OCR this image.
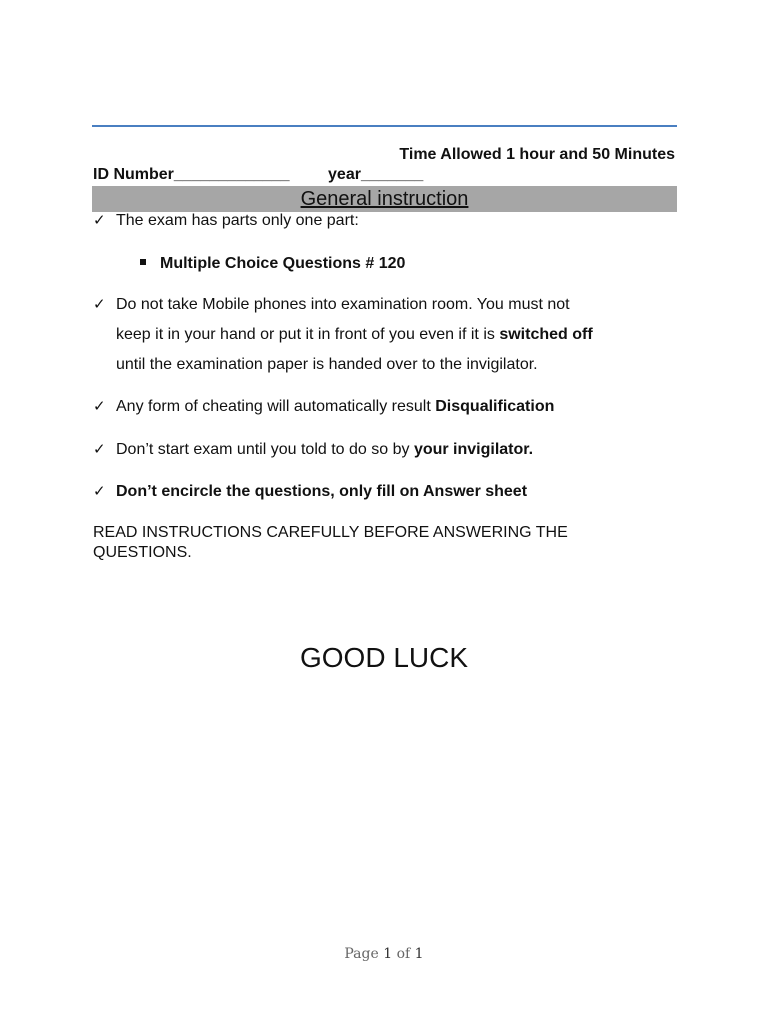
Time Allowed 1 hour and 50 Minutes
ID Number_____________ year_______
General instruction
✓ The exam has parts only one part:
Multiple Choice Questions # 120
✓ Do not take Mobile phones into examination room. You must not
keep it in your hand or put it in front of you even if it is switched off
until the examination paper is handed over to the invigilator.
✓ Any form of cheating will automatically result Disqualification
✓ Don’t start exam until you told to do so by your invigilator.
✓ Don’t encircle the questions, only fill on Answer sheet
READ INSTRUCTIONS CAREFULLY BEFORE ANSWERING THE QUESTIONS.
GOOD LUCK
Page 1 of 1
